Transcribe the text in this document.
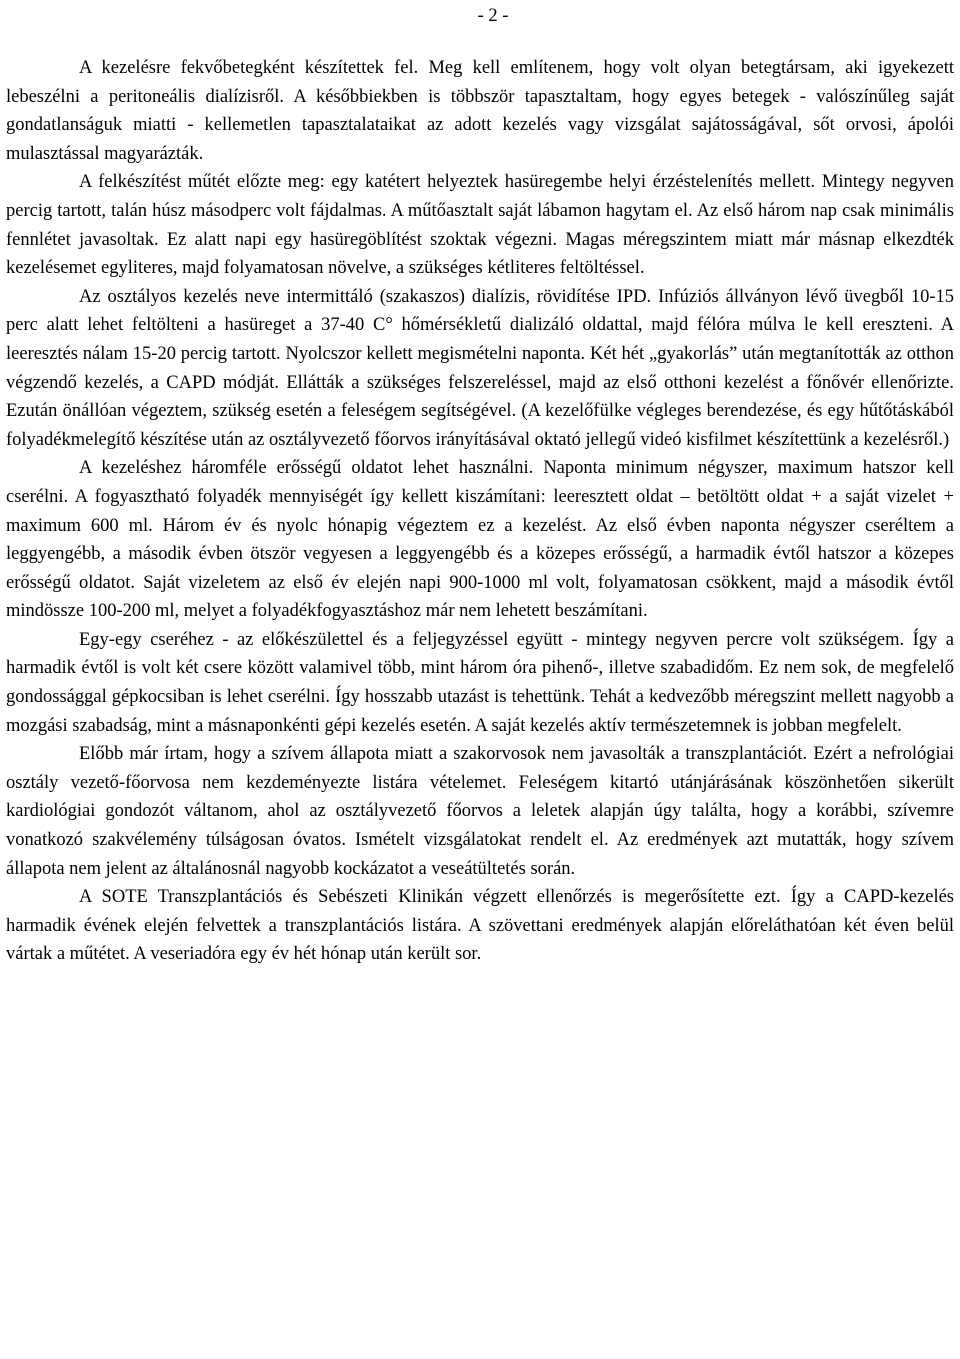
- 2 -

A kezelésre fekvőbetegként készítettek fel. Meg kell említenem, hogy volt olyan betegtársam, aki igyekezett lebeszélni a peritoneális dialízisről. A későbbiekben is többször tapasztaltam, hogy egyes betegek - valószínűleg saját gondatlanságuk miatti - kellemetlen tapasztalataikat az adott kezelés vagy vizsgálat sajátosságával, sőt orvosi, ápolói mulasztással magyarázták.

A felkészítést műtét előzte meg: egy katétert helyeztek hasüregembe helyi érzéstelenítés mellett. Mintegy negyven percig tartott, talán húsz másodperc volt fájdalmas. A műtőasztalt saját lábamon hagytam el. Az első három nap csak minimális fennlétet javasoltak. Ez alatt napi egy hasüregöblítést szoktak végezni. Magas méregszintem miatt már másnap elkezdték kezelésemet egyliteres, majd folyamatosan növelve, a szükséges kétliteres feltöltéssel.

Az osztályos kezelés neve intermittáló (szakaszos) dialízis, rövidítése IPD. Infúziós állványon lévő üvegből 10-15 perc alatt lehet feltölteni a hasüreget a 37-40 C° hőmérsékletű dializáló oldattal, majd félóra múlva le kell ereszteni. A leeresztés nálam 15-20 percig tartott. Nyolcszor kellett megismételni naponta. Két hét „gyakorlás” után megtanították az otthon végzendő kezelés, a CAPD módját. Ellátták a szükséges felszereléssel, majd az első otthoni kezelést a főnővér ellenőrizte. Ezután önállóan végeztem, szükség esetén a feleségem segítségével. (A kezelőfülke végleges berendezése, és egy hűtőtáskából folyadékmelegítő készítése után az osztályvezető főorvos irányításával oktató jellegű videó kisfilmet készítettünk a kezelésről.)

A kezeléshez háromféle erősségű oldatot lehet használni. Naponta minimum négyszer, maximum hatszor kell cserélni. A fogyasztható folyadék mennyiségét így kellett kiszámítani: leeresztett oldat – betöltött oldat + a saját vizelet + maximum 600 ml. Három év és nyolc hónapig végeztem ez a kezelést. Az első évben naponta négyszer cseréltem a leggyengébb, a második évben ötször vegyesen a leggyengébb és a közepes erősségű, a harmadik évtől hatszor a közepes erősségű oldatot. Saját vizeletem az első év elején napi 900-1000 ml volt, folyamatosan csökkent, majd a második évtől mindössze 100-200 ml, melyet a folyadékfogyasztáshoz már nem lehetett beszámítani.

Egy-egy cseréhez - az előkészülettel és a feljegyzéssel együtt - mintegy negyven percre volt szükségem. Így a harmadik évtől is volt két csere között valamivel több, mint három óra pihenő-, illetve szabadidőm. Ez nem sok, de megfelelő gondossággal gépkocsiban is lehet cserélni. Így hosszabb utazást is tehettünk. Tehát a kedvezőbb méregszint mellett nagyobb a mozgási szabadság, mint a másnaponkénti gépi kezelés esetén. A saját kezelés aktív természetemnek is jobban megfelelt.

Előbb már írtam, hogy a szívem állapota miatt a szakorvosok nem javasolták a transzplantációt. Ezért a nefrológiai osztály vezető-főorvosa nem kezdeményezte listára vételemet. Feleségem kitartó utánjárásának köszönhetően sikerült kardiológiai gondozót váltanom, ahol az osztályvezető főorvos a leletek alapján úgy találta, hogy a korábbi, szívemre vonatkozó szakvélemény túlságosan óvatos. Ismételt vizsgálatokat rendelt el. Az eredmények azt mutatták, hogy szívem állapota nem jelent az általánosnál nagyobb kockázatot a veseátültetés során.

A SOTE Transzplantációs és Sebészeti Klinikán végzett ellenőrzés is megerősítette ezt. Így a CAPD-kezelés harmadik évének elején felvettek a transzplantációs listára. A szövettani eredmények alapján előreláthatóan két éven belül vártak a műtétet. A veseriadóra egy év hét hónap után került sor.
